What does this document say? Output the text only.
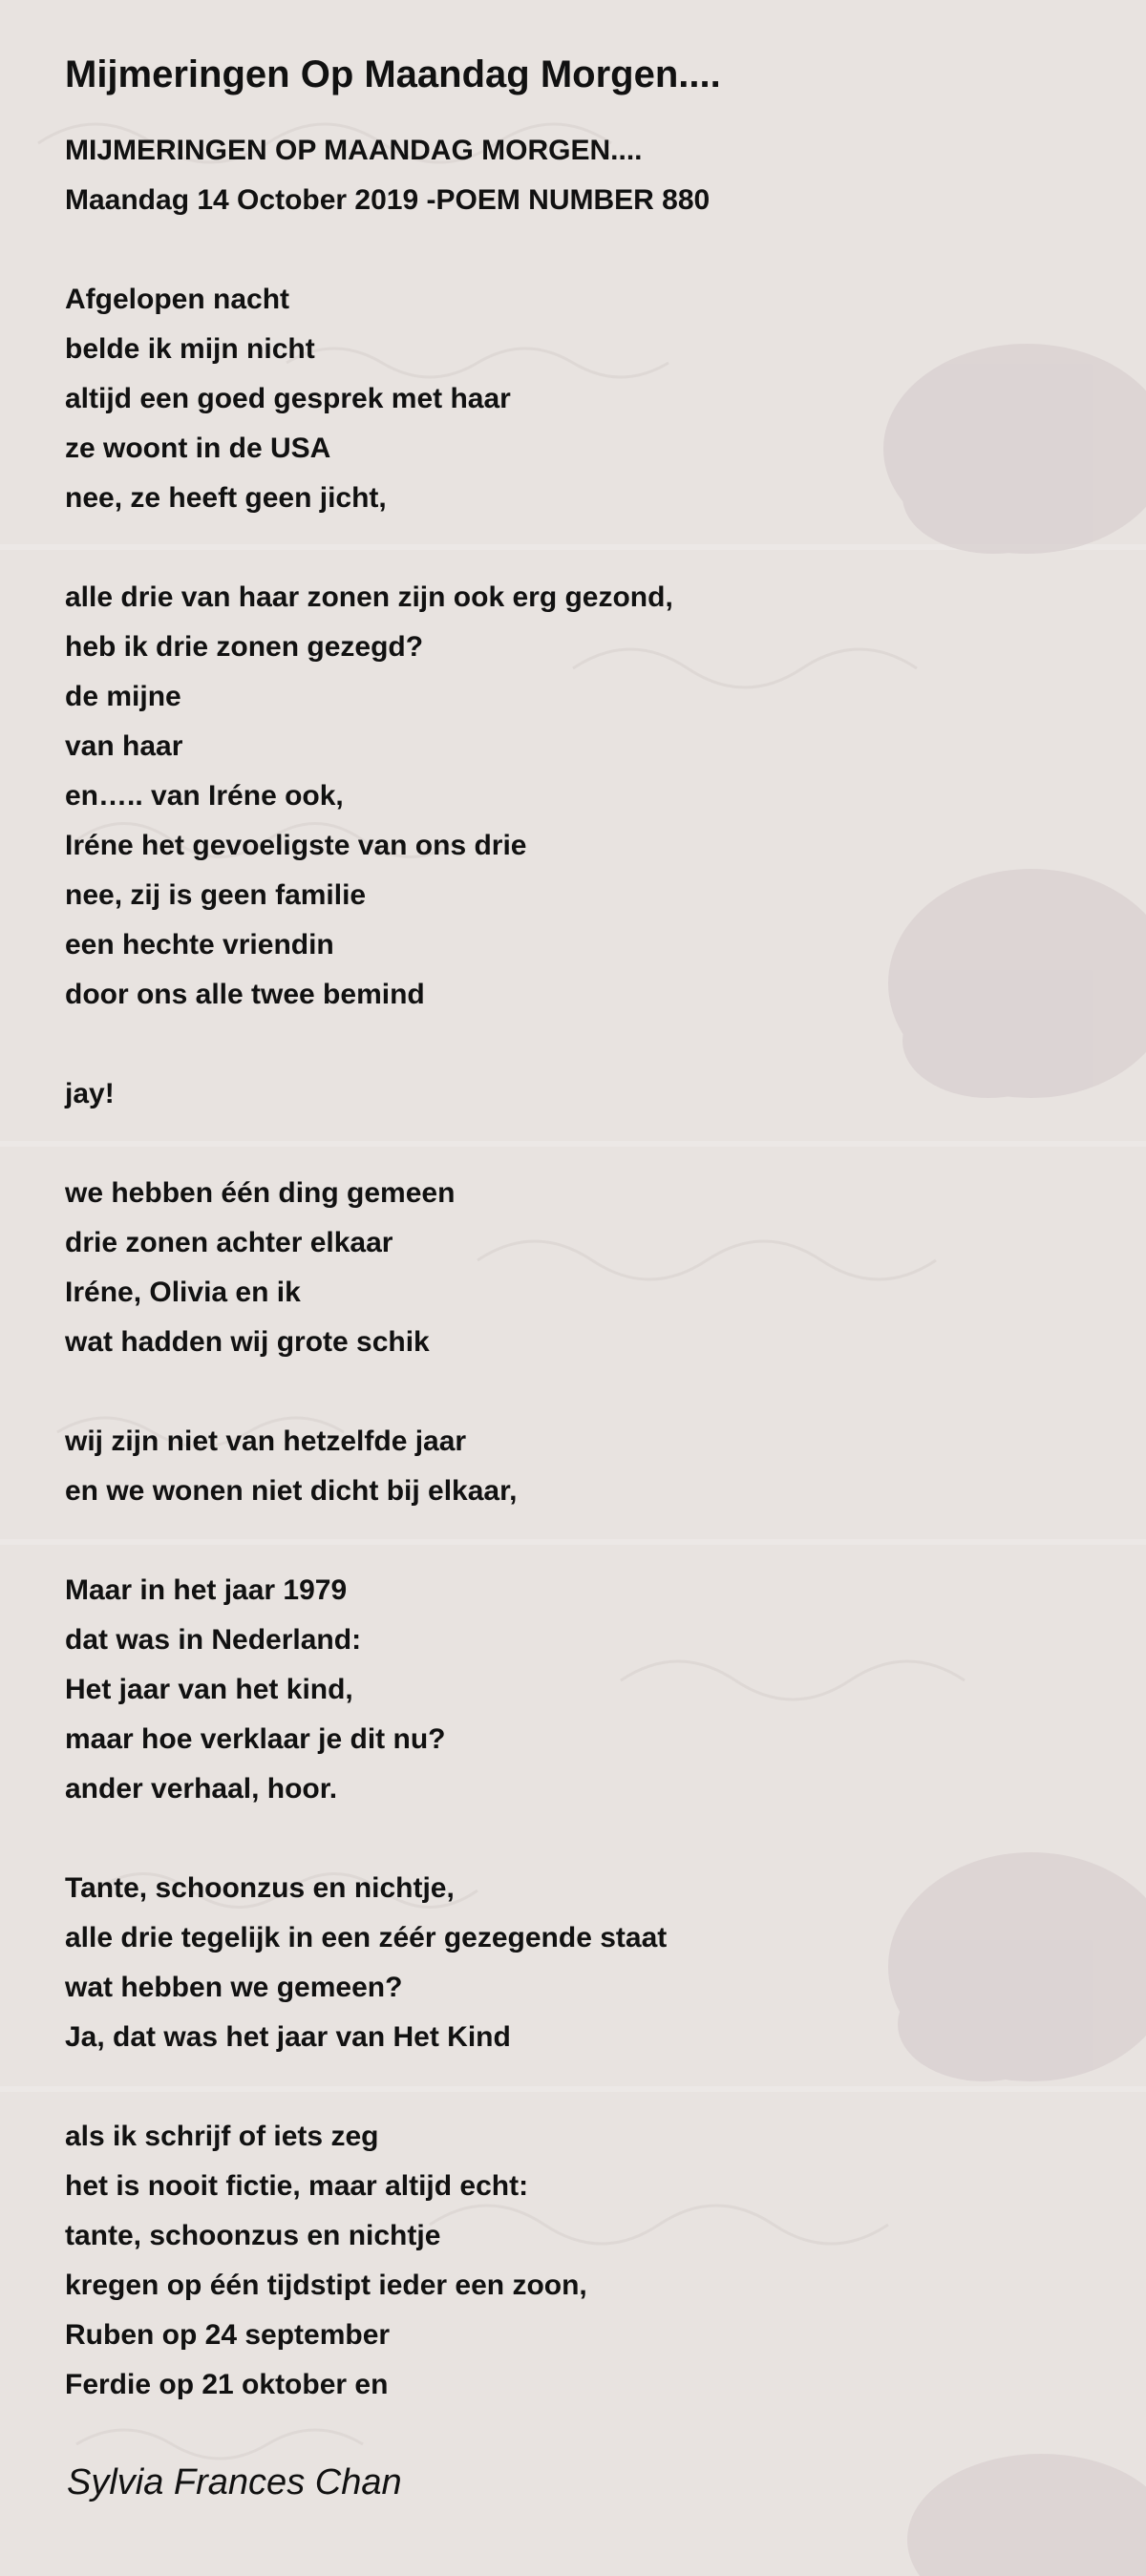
Mijmeringen Op Maandag Morgen....
MIJMERINGEN OP MAANDAG MORGEN....
Maandag 14 October 2019 -POEM NUMBER 880
Afgelopen nacht
belde ik mijn nicht
altijd een goed gesprek met haar
ze woont in de USA
nee, ze heeft geen jicht,
alle drie van haar zonen zijn ook erg gezond,
heb ik drie zonen gezegd?
de mijne
van haar
en….. van Iréne ook,
Iréne het gevoeligste van ons drie
nee, zij is geen familie
een hechte vriendin
door ons alle twee bemind
jay!
we hebben één ding gemeen
drie zonen achter elkaar
Iréne, Olivia en ik
wat hadden wij grote schik
wij zijn niet van hetzelfde jaar
en we wonen niet dicht bij elkaar,
Maar in het jaar 1979
dat was in Nederland:
Het jaar van het kind,
maar hoe verklaar je dit nu?
ander verhaal, hoor.
Tante, schoonzus en nichtje,
alle drie tegelijk in een zéér gezegende staat
wat hebben we gemeen?
Ja, dat was het jaar van Het Kind
als ik schrijf of iets zeg
het is nooit fictie, maar altijd echt:
tante, schoonzus en nichtje
kregen op één tijdstipt ieder een zoon,
Ruben op 24 september
Ferdie op 21 oktober en
Sylvia Frances Chan
